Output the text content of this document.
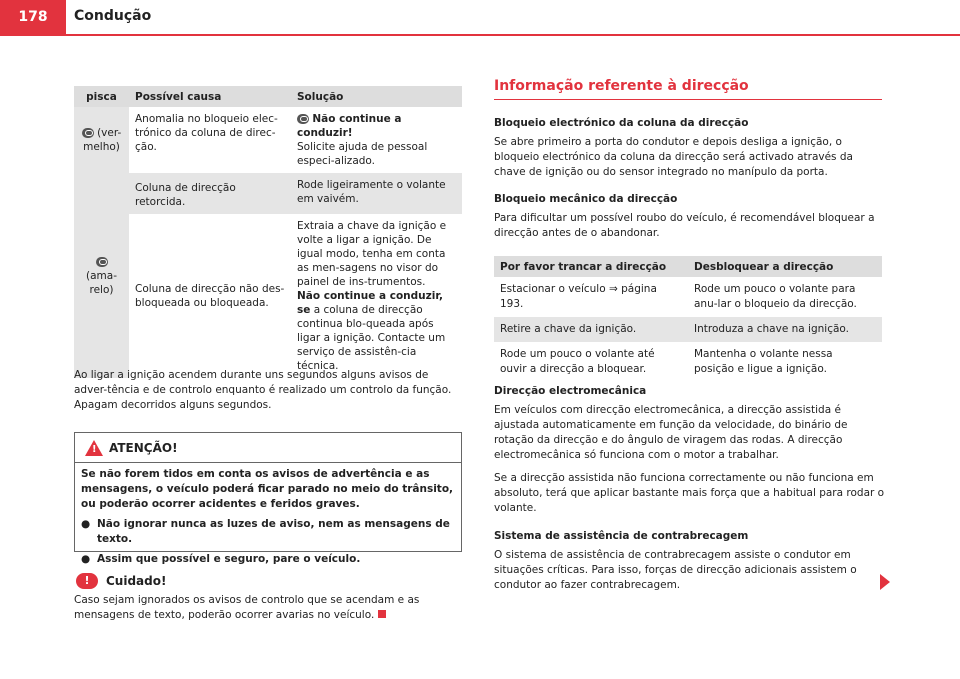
178	Condução
pisca	Possível causa	Solução
(ver-
melho)	Anomalia no bloqueio elec-trónico da coluna de direc-ção.	Não continue a conduzir!
Solicite ajuda de pessoal especi-alizado.
(ama-
relo)	Coluna de direcção retorcida.	Rode ligeiramente o volante em vaivém.
	Coluna de direcção não des-bloqueada ou bloqueada.	Extraia a chave da ignição e volte a ligar a ignição. De igual modo, tenha em conta as men-sagens no visor do painel de ins-trumentos.
Não continue a conduzir, se a coluna de direcção continua blo-queada após ligar a ignição. Contacte um serviço de assistên-cia técnica.

Ao ligar a ignição acendem durante uns segundos alguns avisos de adver-tência e de controlo enquanto é realizado um controlo da função. Apagam decorridos alguns segundos.

! ATENÇÃO!
Se não forem tidos em conta os avisos de advertência e as mensagens, o veículo poderá ficar parado no meio do trânsito, ou poderão ocorrer acidentes e feridos graves.
● Não ignorar nunca as luzes de aviso, nem as mensagens de texto.
● Assim que possível e seguro, pare o veículo.
!	Cuidado!

Caso sejam ignorados os avisos de controlo que se acendam e as mensagens de texto, poderão ocorrer avarias no veículo.

Informação referente à direcção
Bloqueio electrónico da coluna da direcção

Se abre primeiro a porta do condutor e depois desliga a ignição, o bloqueio electrónico da coluna da direcção será activado através da chave de ignição ou do sensor integrado no manípulo da porta.

Bloqueio mecânico da direcção

Para dificultar um possível roubo do veículo, é recomendável bloquear a direcção antes de o abandonar.

Por favor trancar a direcção	Desbloquear a direcção
Estacionar o veículo ⇒ página 193.	Rode um pouco o volante para anu-lar o bloqueio da direcção.
Retire a chave da ignição.	Introduza a chave na ignição.
Rode um pouco o volante até ouvir a direcção a bloquear.	Mantenha o volante nessa posição e ligue a ignição.
Direcção electromecânica

Em veículos com direcção electromecânica, a direcção assistida é ajustada automaticamente em função da velocidade, do binário de rotação da direcção e do ângulo de viragem das rodas. A direcção electromecânica só funciona com o motor a trabalhar.

Se a direcção assistida não funciona correctamente ou não funciona em absoluto, terá que aplicar bastante mais força que a habitual para rodar o volante.

Sistema de assistência de contrabrecagem

O sistema de assistência de contrabrecagem assiste o condutor em situações críticas. Para isso, forças de direcção adicionais assistem o condutor ao fazer contrabrecagem.
